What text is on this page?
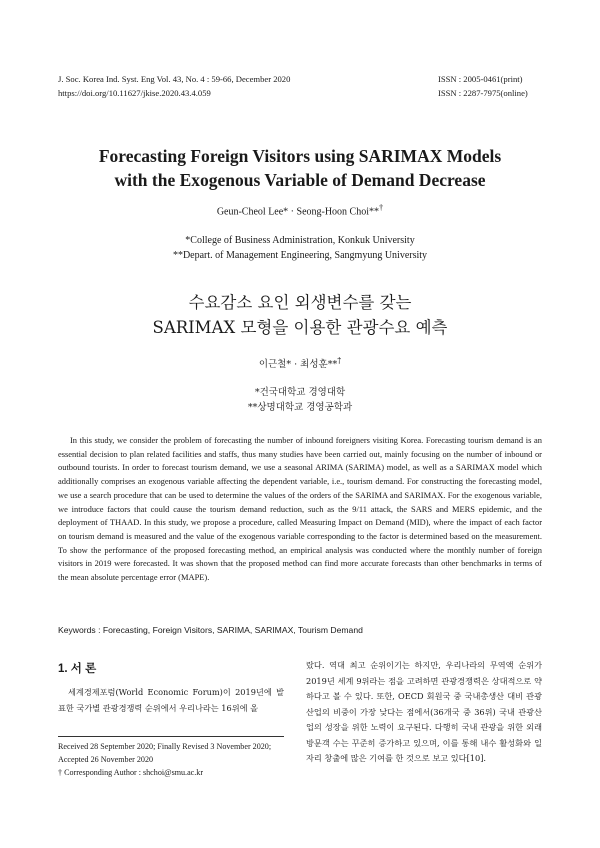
J. Soc. Korea Ind. Syst. Eng Vol. 43, No. 4 : 59-66, December 2020
https://doi.org/10.11627/jkise.2020.43.4.059
ISSN : 2005-0461(print)
ISSN : 2287-7975(online)
Forecasting Foreign Visitors using SARIMAX Models
with the Exogenous Variable of Demand Decrease
Geun-Cheol Lee* · Seong-Hoon Choi**†
*College of Business Administration, Konkuk University
**Depart. of Management Engineering, Sangmyung University
수요감소 요인 외생변수를 갖는
SARIMAX 모형을 이용한 관광수요 예측
이근철* · 최성훈**†
*건국대학교 경영대학
**상명대학교 경영공학과
In this study, we consider the problem of forecasting the number of inbound foreigners visiting Korea. Forecasting tourism demand is an essential decision to plan related facilities and staffs, thus many studies have been carried out, mainly focusing on the number of inbound or outbound tourists. In order to forecast tourism demand, we use a seasonal ARIMA (SARIMA) model, as well as a SARIMAX model which additionally comprises an exogenous variable affecting the dependent variable, i.e., tourism demand. For constructing the forecasting model, we use a search procedure that can be used to determine the values of the orders of the SARIMA and SARIMAX. For the exogenous variable, we introduce factors that could cause the tourism demand reduction, such as the 9/11 attack, the SARS and MERS epidemic, and the deployment of THAAD. In this study, we propose a procedure, called Measuring Impact on Demand (MID), where the impact of each factor on tourism demand is measured and the value of the exogenous variable corresponding to the factor is determined based on the measurement. To show the performance of the proposed forecasting method, an empirical analysis was conducted where the monthly number of foreign visitors in 2019 were forecasted. It was shown that the proposed method can find more accurate forecasts than other benchmarks in terms of the mean absolute percentage error (MAPE).
Keywords : Forecasting, Foreign Visitors, SARIMA, SARIMAX, Tourism Demand
1. 서 론
세계경제포럼(World Economic Forum)이 2019년에 발표한 국가별 관광경쟁력 순위에서 우리나라는 16위에 올
랐다. 역대 최고 순위이기는 하지만, 우리나라의 무역액 순위가 2019년 세계 9위라는 점을 고려하면 관광경쟁력은 상대적으로 약하다고 볼 수 있다. 또한, OECD 회원국 중 국내총생산 대비 관광산업의 비중이 가장 낮다는 점에서(36개국 중 36위) 국내 관광산업의 성장을 위한 노력이 요구된다. 다행히 국내 관광을 위한 외래방문객 수는 꾸준히 증가하고 있으며, 이를 통해 내수 활성화와 일자리 창출에 많은 기여를 한 것으로 보고 있다[10].
Received 28 September 2020; Finally Revised 3 November 2020;
Accepted 26 November 2020
† Corresponding Author : shchoi@smu.ac.kr
